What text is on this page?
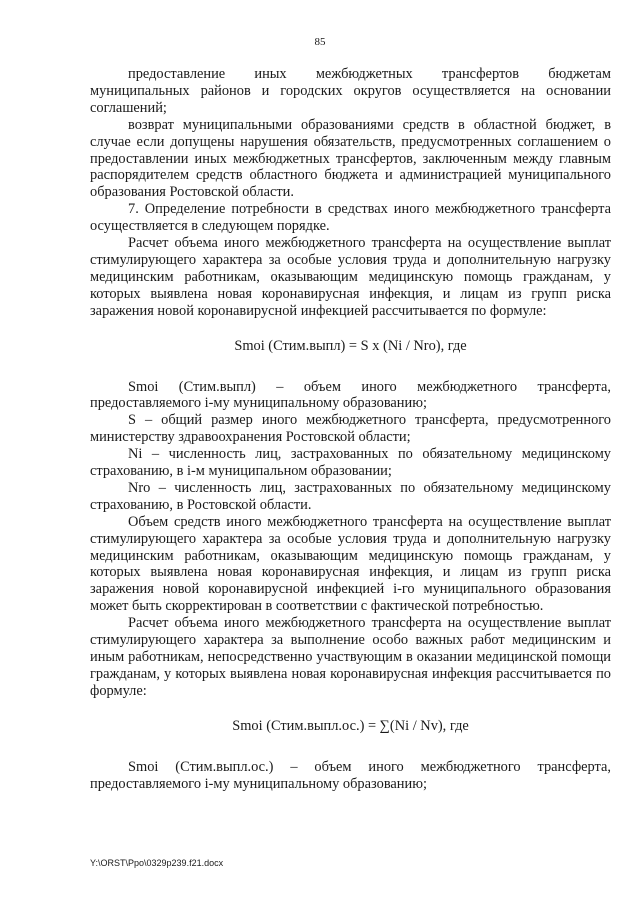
85

предоставление иных межбюджетных трансфертов бюджетам муниципальных районов и городских округов осуществляется на основании соглашений;

возврат муниципальными образованиями средств в областной бюджет, в случае если допущены нарушения обязательств, предусмотренных соглашением о предоставлении иных межбюджетных трансфертов, заключенным между главным распорядителем средств областного бюджета и администрацией муниципального образования Ростовской области.

7. Определение потребности в средствах иного межбюджетного трансферта осуществляется в следующем порядке.

Расчет объема иного межбюджетного трансферта на осуществление выплат стимулирующего характера за особые условия труда и дополнительную нагрузку медицинским работникам, оказывающим медицинскую помощь гражданам, у которых выявлена новая коронавирусная инфекция, и лицам из групп риска заражения новой коронавирусной инфекцией рассчитывается по формуле:

Smoi (Стим.выпл) = S x (Ni / Nro), где

Smoi (Стим.выпл) – объем иного межбюджетного трансферта, предоставляемого i-му муниципальному образованию;

S – общий размер иного межбюджетного трансферта, предусмотренного министерству здравоохранения Ростовской области;

Ni – численность лиц, застрахованных по обязательному медицинскому страхованию, в i-м муниципальном образовании;

Nro – численность лиц, застрахованных по обязательному медицинскому страхованию, в Ростовской области.

Объем средств иного межбюджетного трансферта на осуществление выплат стимулирующего характера за особые условия труда и дополнительную нагрузку медицинским работникам, оказывающим медицинскую помощь гражданам, у которых выявлена новая коронавирусная инфекция, и лицам из групп риска заражения новой коронавирусной инфекцией i-го муниципального образования может быть скорректирован в соответствии с фактической потребностью.

Расчет объема иного межбюджетного трансферта на осуществление выплат стимулирующего характера за выполнение особо важных работ медицинским и иным работникам, непосредственно участвующим в оказании медицинской помощи гражданам, у которых выявлена новая коронавирусная инфекция рассчитывается по формуле:

Smoi (Стим.выпл.ос.) = ∑(Ni / Nv), где

Smoi (Стим.выпл.ос.) – объем иного межбюджетного трансферта, предоставляемого i-му муниципальному образованию;

Y:\ORST\Ppo\0329p239.f21.docx
